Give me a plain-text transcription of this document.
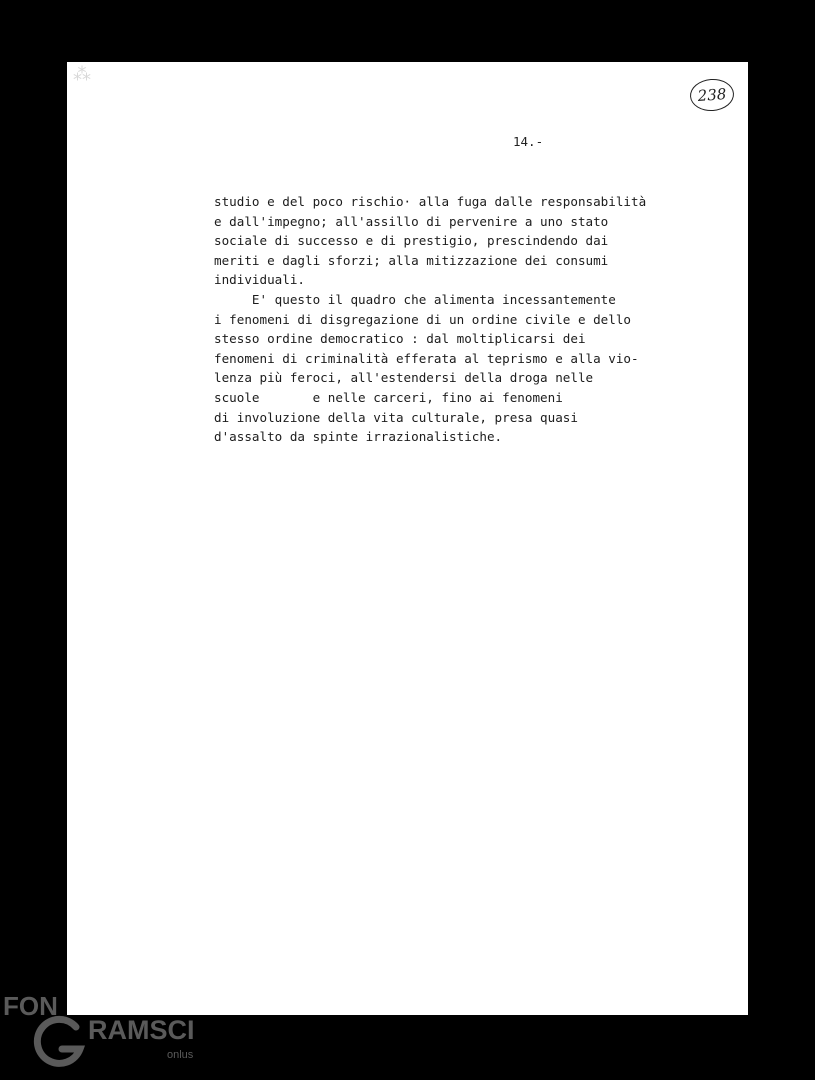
⁂
238
14.-
studio e del poco rischio· alla fuga dalle responsabilità
e dall'impegno; all'assillo di pervenire a uno stato
sociale di successo e di prestigio, prescindendo dai
meriti e dagli sforzi; alla mitizzazione dei consumi
individuali.
E' questo il quadro che alimenta incessantemente
i fenomeni di disgregazione di un ordine civile e dello
stesso ordine democratico : dal moltiplicarsi dei
fenomeni di criminalità efferata al teprismo e alla vio-
lenza più feroci, all'estendersi della droga nelle
scuole       e nelle carceri, fino ai fenomeni
di involuzione della vita culturale, presa quasi
d'assalto da spinte irrazionalistiche.
FON
RAMSCI
onlus
